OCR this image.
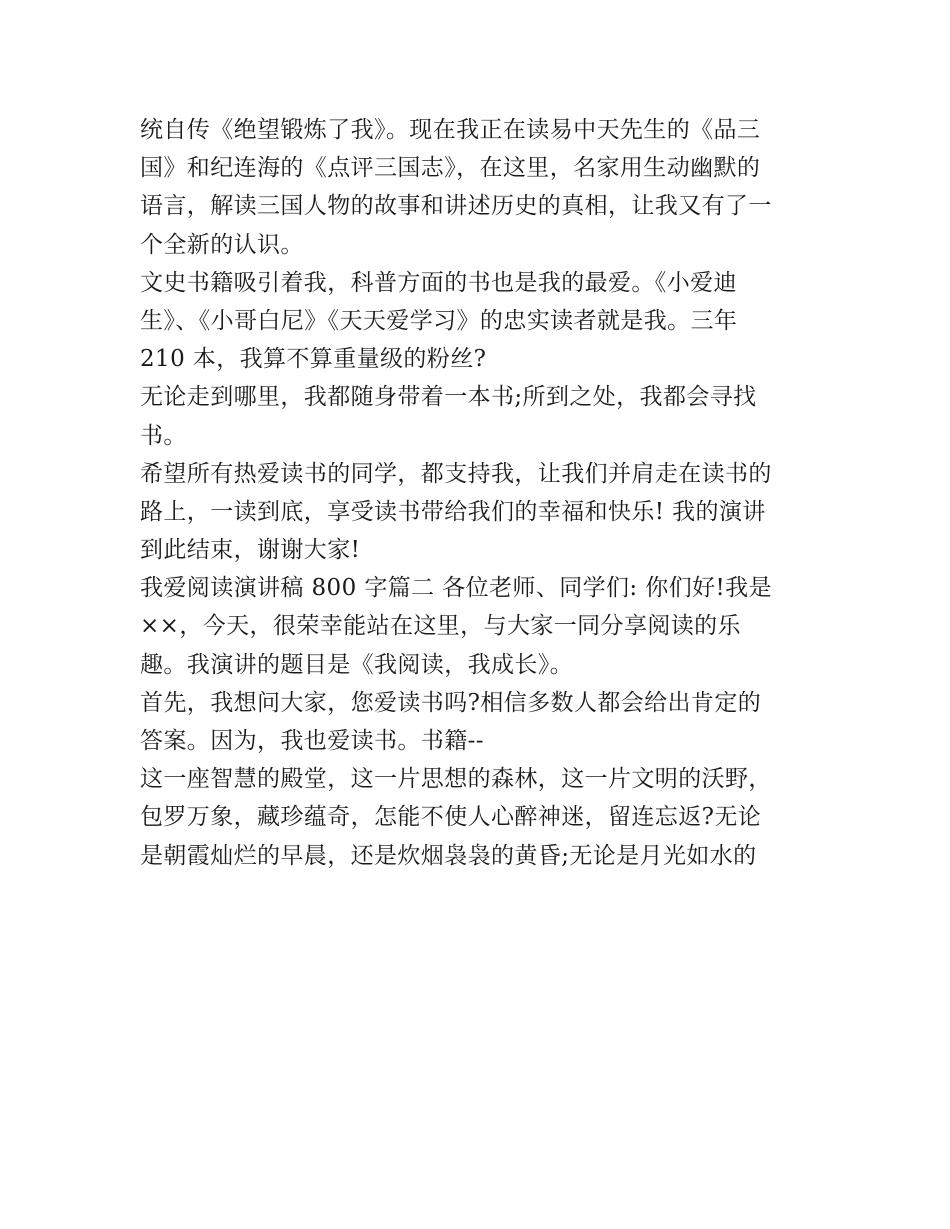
统自传《绝望锻炼了我》。现在我正在读易中天先生的《品三
国》和纪连海的《点评三国志》，在这里，名家用生动幽默的
语言，解读三国人物的故事和讲述历史的真相，让我又有了一
个全新的认识。
文史书籍吸引着我，科普方面的书也是我的最爱。《小爱迪
生》、《小哥白尼》《天天爱学习》的忠实读者就是我。三年
210 本，我算不算重量级的粉丝?
无论走到哪里，我都随身带着一本书;所到之处，我都会寻找
书。
希望所有热爱读书的同学，都支持我，让我们并肩走在读书的
路上，一读到底，享受读书带给我们的幸福和快乐! 我的演讲
到此结束，谢谢大家!
我爱阅读演讲稿 800 字篇二 各位老师、同学们: 你们好!我是
××，今天，很荣幸能站在这里，与大家一同分享阅读的乐
趣。我演讲的题目是《我阅读，我成长》。
首先，我想问大家，您爱读书吗?相信多数人都会给出肯定的
答案。因为，我也爱读书。书籍--
这一座智慧的殿堂，这一片思想的森林，这一片文明的沃野，
包罗万象，藏珍蕴奇，怎能不使人心醉神迷，留连忘返?无论
是朝霞灿烂的早晨，还是炊烟袅袅的黄昏;无论是月光如水的
